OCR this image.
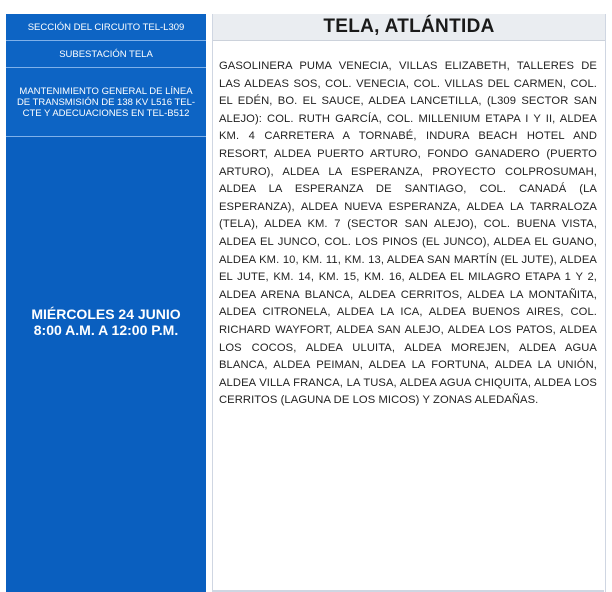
SECCIÓN DEL CIRCUITO TEL-L309
SUBESTACIÓN TELA
MANTENIMIENTO GENERAL DE LÍNEA DE TRANSMISIÓN DE 138 KV L516 TEL-CTE Y ADECUACIONES EN TEL-B512
MIÉRCOLES 24 JUNIO
8:00 A.M. A 12:00 P.M.
TELA, ATLÁNTIDA
GASOLINERA PUMA VENECIA, VILLAS ELIZABETH, TALLERES DE LAS ALDEAS SOS, COL. VENECIA, COL. VILLAS DEL CARMEN, COL. EL EDÉN, BO. EL SAUCE, ALDEA LANCETILLA, (L309 SECTOR SAN ALEJO): COL. RUTH GARCÍA, COL. MILLENIUM ETAPA I Y II, ALDEA KM. 4 CARRETERA A TORNABÉ, INDURA BEACH HOTEL AND RESORT, ALDEA PUERTO ARTURO, FONDO GANADERO (PUERTO ARTURO), ALDEA LA ESPERANZA, PROYECTO COLPROSUMAH, ALDEA LA ESPERANZA DE SANTIAGO, COL. CANADÁ (LA ESPERANZA), ALDEA NUEVA ESPERANZA, ALDEA LA TARRALOZA (TELA), ALDEA KM. 7 (SECTOR SAN ALEJO), COL. BUENA VISTA, ALDEA EL JUNCO, COL. LOS PINOS (EL JUNCO), ALDEA EL GUANO, ALDEA KM. 10, KM. 11, KM. 13, ALDEA SAN MARTÍN (EL JUTE), ALDEA EL JUTE, KM. 14, KM. 15, KM. 16, ALDEA EL MILAGRO ETAPA 1 Y 2, ALDEA ARENA BLANCA, ALDEA CERRITOS, ALDEA LA MONTAÑITA, ALDEA CITRONELA, ALDEA LA ICA, ALDEA BUENOS AIRES, COL. RICHARD WAYFORT, ALDEA SAN ALEJO, ALDEA LOS PATOS, ALDEA LOS COCOS, ALDEA ULUITA, ALDEA MOREJEN, ALDEA AGUA BLANCA, ALDEA PEIMAN, ALDEA LA FORTUNA, ALDEA LA UNIÓN, ALDEA VILLA FRANCA, LA TUSA, ALDEA AGUA CHIQUITA, ALDEA LOS CERRITOS (LAGUNA DE LOS MICOS) Y ZONAS ALEDAÑAS.
